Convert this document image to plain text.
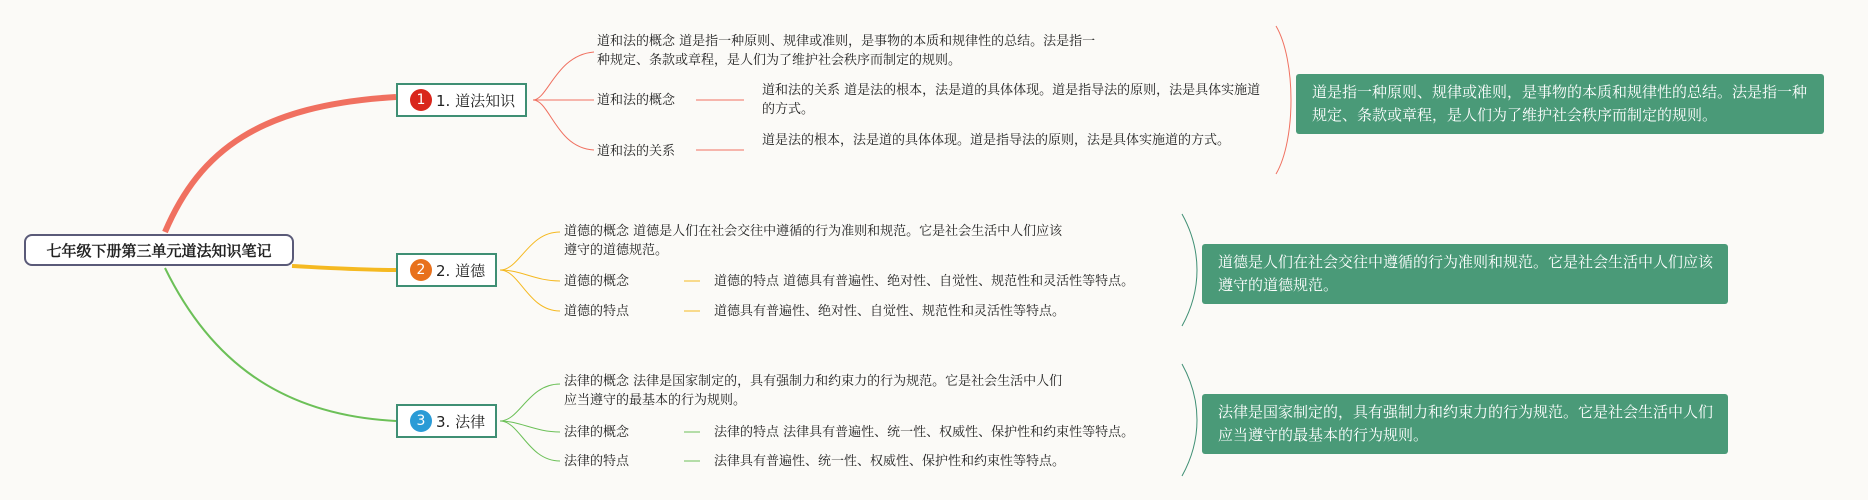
七年级下册第三单元道法知识笔记
1 1. 道法知识
道和法的概念 道是指一种原则、规律或准则，是事物的本质和规律性的总结。法是指一种规定、条款或章程，是人们为了维护社会秩序而制定的规则。
道和法的概念
道和法的关系 道是法的根本，法是道的具体体现。道是指导法的原则，法是具体实施道的方式。
道和法的关系
道是法的根本，法是道的具体体现。道是指导法的原则，法是具体实施道的方式。
道是指一种原则、规律或准则，是事物的本质和规律性的总结。法是指一种规定、条款或章程，是人们为了维护社会秩序而制定的规则。
2 2. 道德
道德的概念 道德是人们在社会交往中遵循的行为准则和规范。它是社会生活中人们应该遵守的道德规范。
道德的概念	道德的特点 道德具有普遍性、绝对性、自觉性、规范性和灵活性等特点。
道德的特点	道德具有普遍性、绝对性、自觉性、规范性和灵活性等特点。
道德是人们在社会交往中遵循的行为准则和规范。它是社会生活中人们应该遵守的道德规范。
3 3. 法律
法律的概念 法律是国家制定的，具有强制力和约束力的行为规范。它是社会生活中人们应当遵守的最基本的行为规则。
法律的概念	法律的特点 法律具有普遍性、统一性、权威性、保护性和约束性等特点。
法律的特点	法律具有普遍性、统一性、权威性、保护性和约束性等特点。
法律是国家制定的，具有强制力和约束力的行为规范。它是社会生活中人们应当遵守的最基本的行为规则。
